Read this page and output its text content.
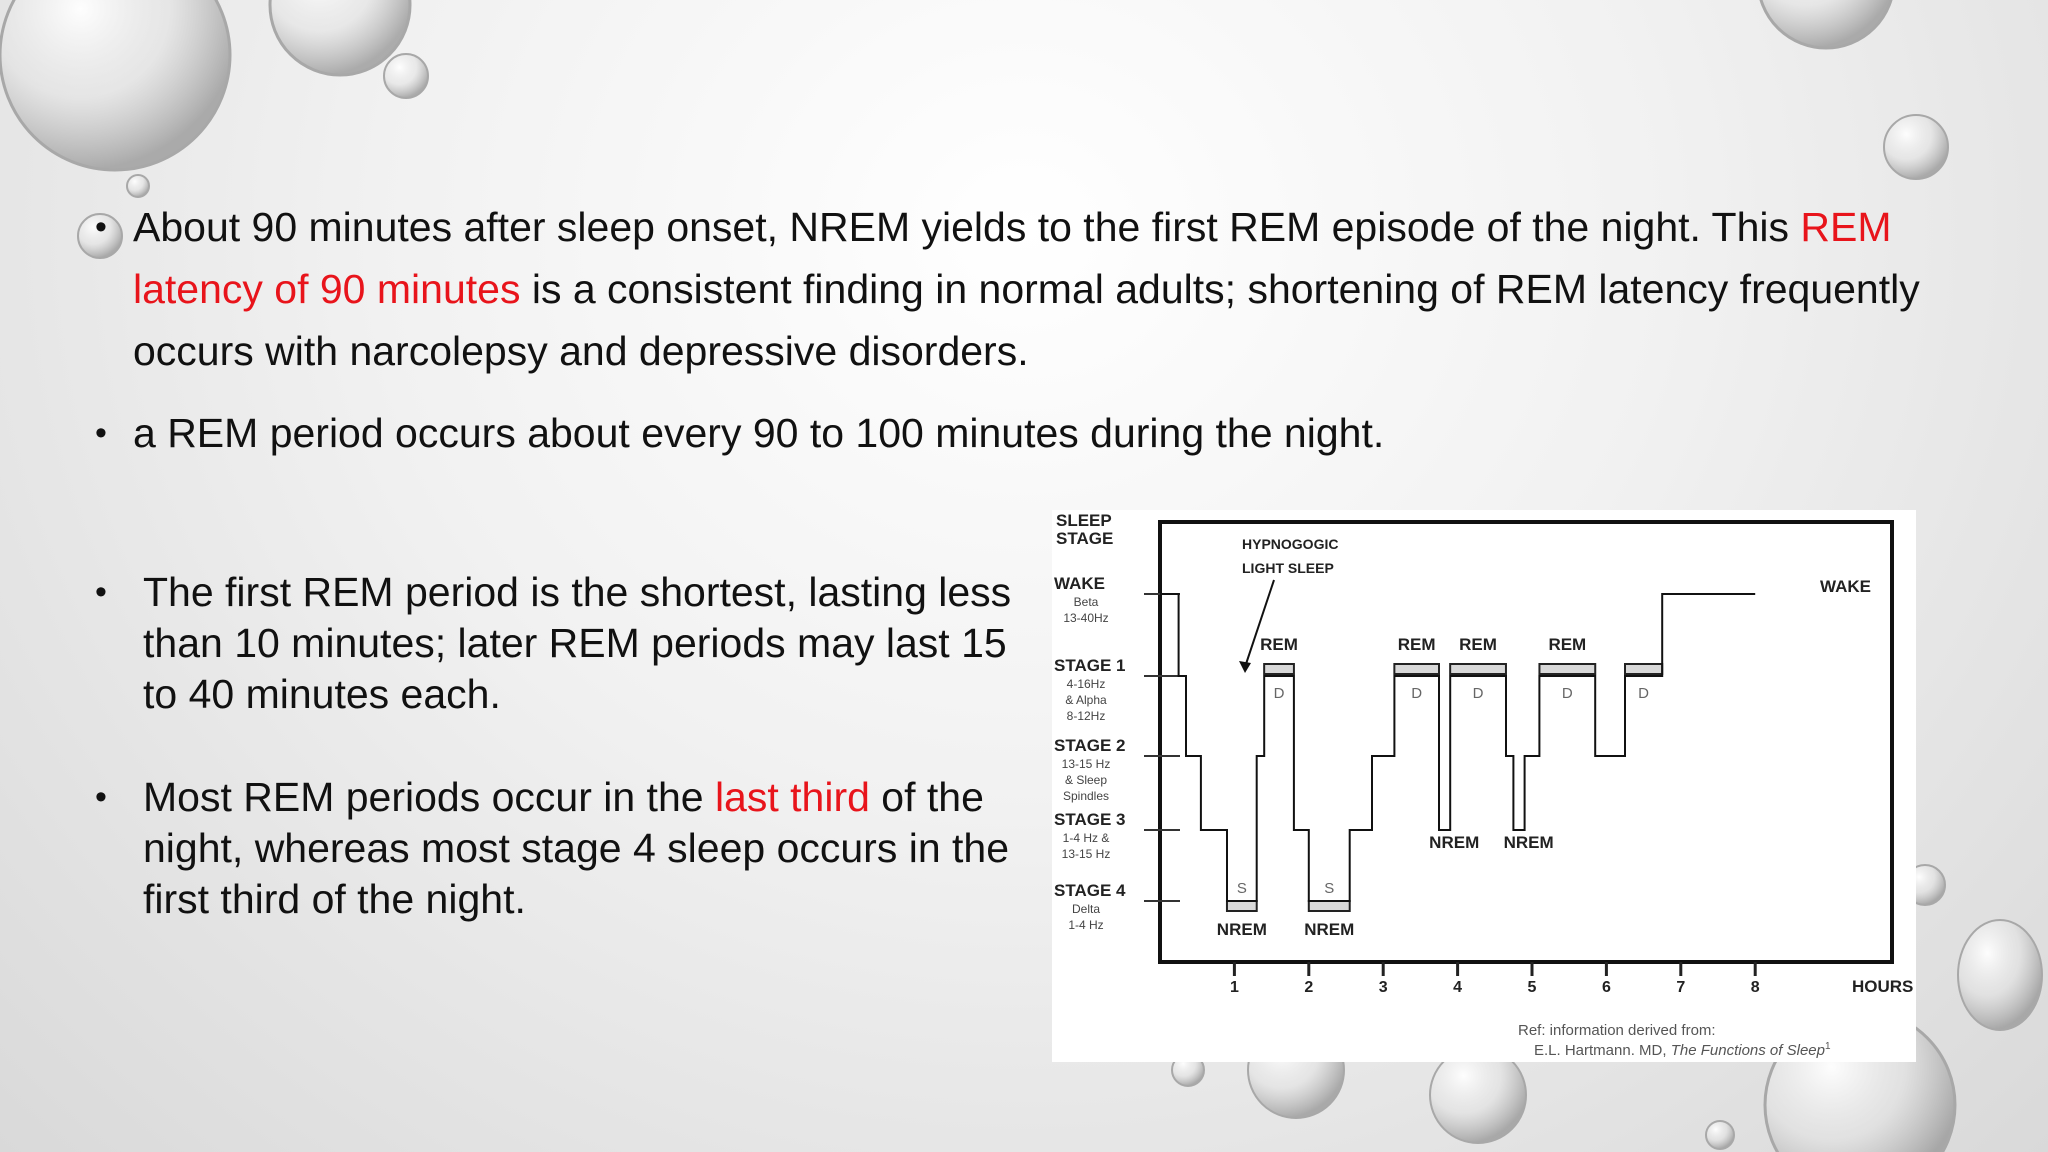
• About 90 minutes after sleep onset, NREM yields to the first REM episode of the night. This REM latency of 90 minutes is a consistent finding in normal adults; shortening of REM latency frequently occurs with narcolepsy and depressive disorders.
• a REM period occurs about every 90 to 100 minutes during the night.
• The first REM period is the shortest, lasting less than 10 minutes; later REM periods may last 15 to 40 minutes each.
• Most REM periods occur in the last third of the night, whereas most stage 4 sleep occurs in the first third of the night.
SLEEP
STAGE	HYPNOGOGIC
LIGHT SLEEP
WAKE
HOURS
Ref: information derived from:
E.L. Hartmann. MD, The Functions of Sleep$^1$
WAKE
Beta
13-40Hz
STAGE 1
4-16Hz
& Alpha
8-12Hz
STAGE 2
13-15 Hz
& Sleep
Spindles
STAGE 3
1-4 Hz &
13-15 Hz
STAGE 4
Delta
1-4 Hz
1	2	3	4	5	6	7	8
D
REM
D
REM
D
REM
D
REM
D
S
NREM
S
NREM
NREM NREM
